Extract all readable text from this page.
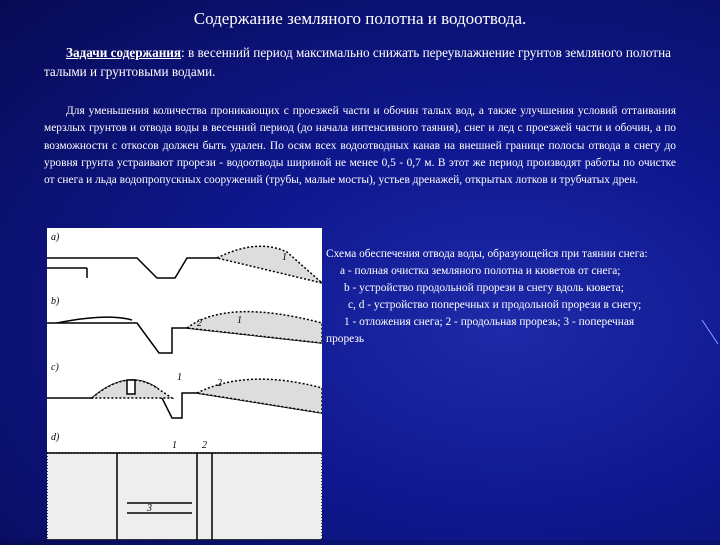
Содержание земляного полотна и водоотвода.
Задачи содержания: в весенний период максимально снижать переувлажнение грунтов земляного полотна талыми и грунтовыми водами.
Для уменьшения количества проникающих с проезжей части и обочин талых вод, а также улучшения условий оттаивания мерзлых грунтов и отвода воды в весенний период (до начала интенсивного таяния), снег и лед с проезжей части и обочин, а по возможности с откосов должен быть удален. По осям всех водоотводных канав на внешней границе полосы отвода в снегу до уровня грунта устраивают прорези - водоотводы шириной не менее 0,5 - 0,7 м. В этот же период производят работы по очистке от снега и льда водопропускных сооружений (трубы, малые мосты), устьев дренажей, открытых лотков и трубчатых дрен.
a)
b)
c)
d)
1
2	1
2
1
1	2
3
Схема обеспечения отвода воды, образующейся при таянии снега:
a - полная очистка земляного полотна и кюветов от снега;
b - устройство продольной прорези в снегу вдоль кювета;
c, d - устройство поперечных и продольной прорези в снегу;
1 - отложения снега; 2 - продольная прорезь; 3 - поперечная прорезь
